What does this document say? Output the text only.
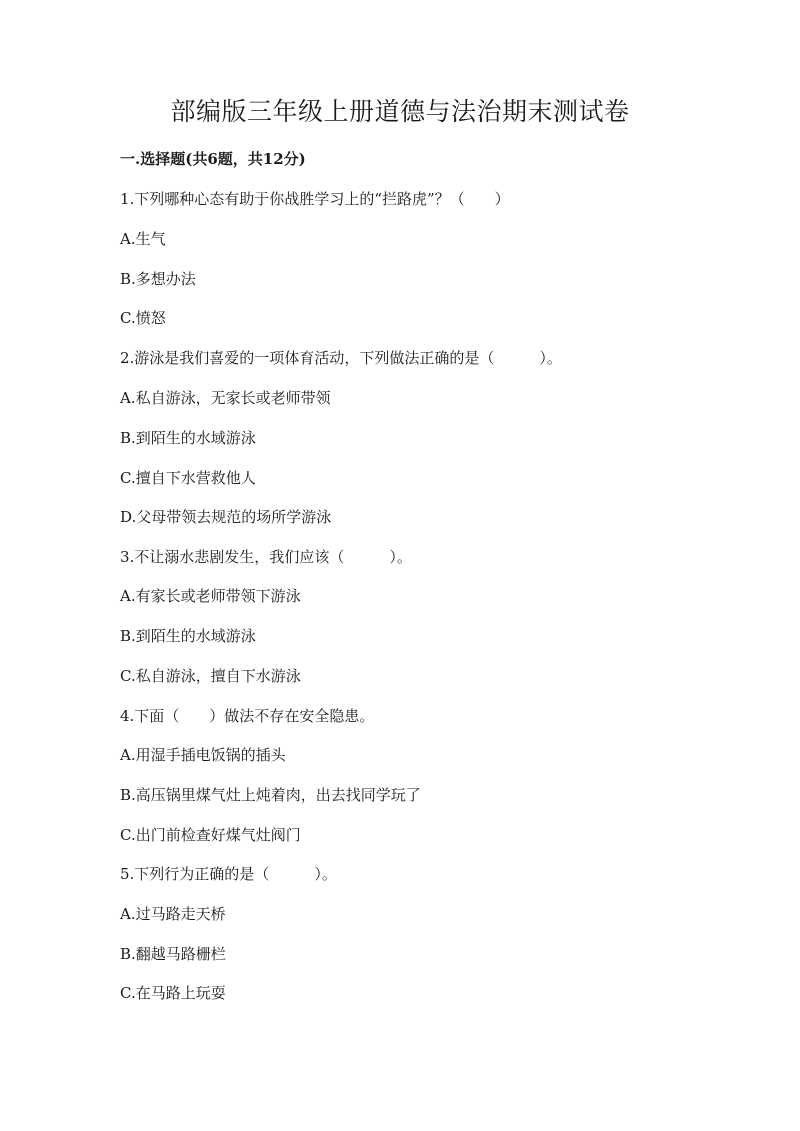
部编版三年级上册道德与法治期末测试卷
一.选择题(共6题，共12分)

1.下列哪种心态有助于你战胜学习上的“拦路虎”？（　　）

A.生气

B.多想办法

C.愤怒

2.游泳是我们喜爱的一项体育活动，下列做法正确的是（　　　）。

A.私自游泳，无家长或老师带领

B.到陌生的水域游泳

C.擅自下水营救他人

D.父母带领去规范的场所学游泳

3.不让溺水悲剧发生，我们应该（　　　）。

A.有家长或老师带领下游泳

B.到陌生的水域游泳

C.私自游泳，擅自下水游泳

4.下面（　　）做法不存在安全隐患。

A.用湿手插电饭锅的插头

B.高压锅里煤气灶上炖着肉，出去找同学玩了

C.出门前检查好煤气灶阀门

5.下列行为正确的是（　　　）。

A.过马路走天桥

B.翻越马路栅栏

C.在马路上玩耍
